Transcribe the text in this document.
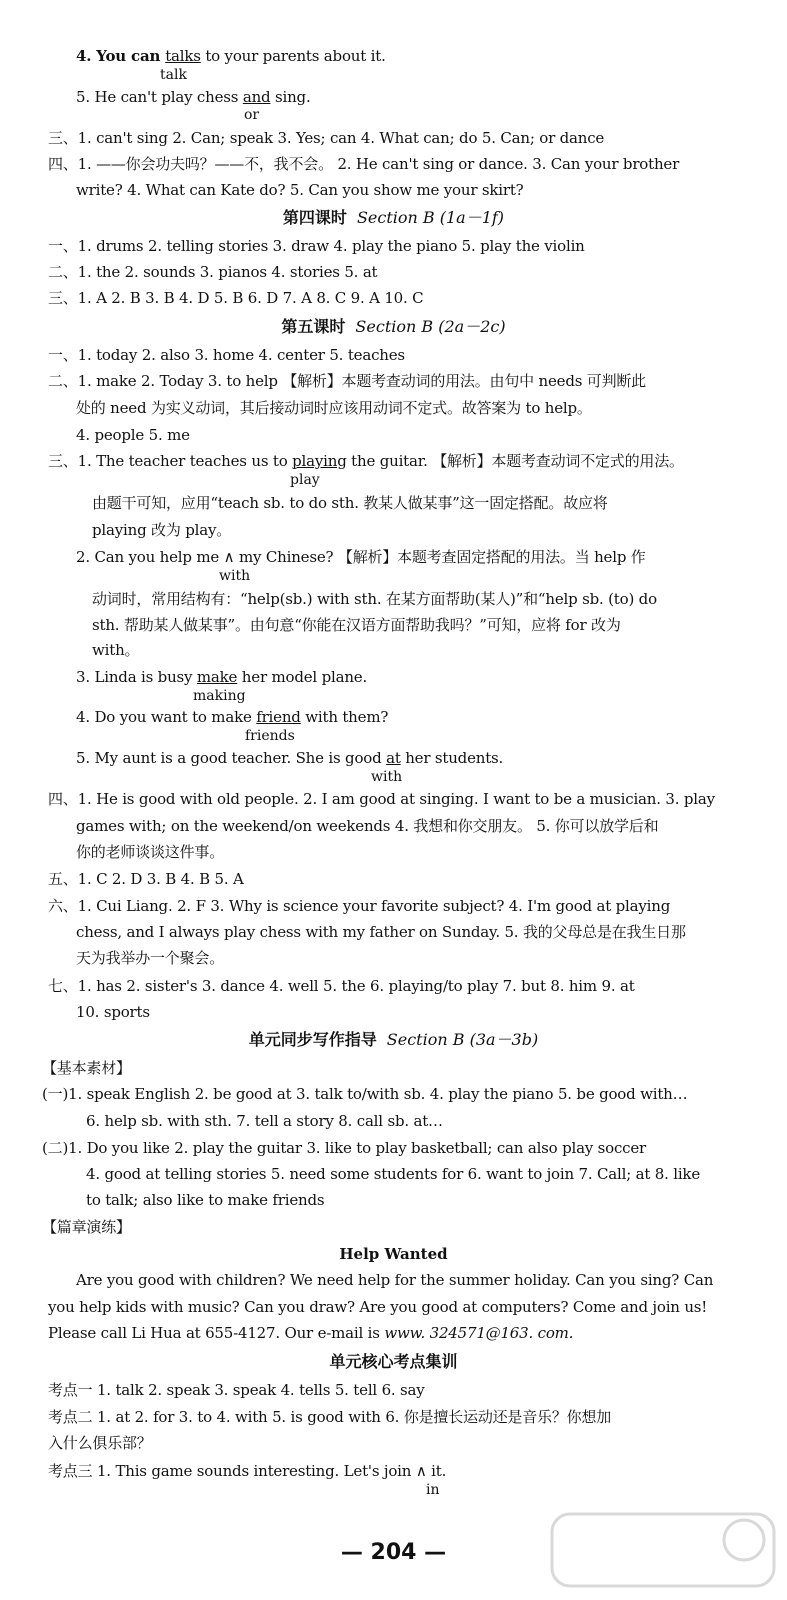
4. You can talks to your parents about it.
talk
5. He can't play chess and sing.
or
三、1. can't sing 2. Can; speak 3. Yes; can 4. What can; do 5. Can; or dance
四、1. ——你会功夫吗？——不，我不会。 2. He can't sing or dance. 3. Can your brother
write? 4. What can Kate do? 5. Can you show me your skirt?
第四课时 Section B (1a－1f)
一、1. drums 2. telling stories 3. draw 4. play the piano 5. play the violin
二、1. the 2. sounds 3. pianos 4. stories 5. at
三、1. A 2. B 3. B 4. D 5. B 6. D 7. A 8. C 9. A 10. C
第五课时 Section B (2a－2c)
一、1. today 2. also 3. home 4. center 5. teaches
二、1. make 2. Today 3. to help 【解析】本题考查动词的用法。由句中 needs 可判断此
处的 need 为实义动词，其后接动词时应该用动词不定式。故答案为 to help。
4. people 5. me
三、1. The teacher teaches us to playing the guitar. 【解析】本题考查动词不定式的用法。
play
由题干可知，应用“teach sb. to do sth. 教某人做某事”这一固定搭配。故应将
playing 改为 play。
2. Can you help me ∧ my Chinese? 【解析】本题考查固定搭配的用法。当 help 作
with
动词时，常用结构有：“help(sb.) with sth. 在某方面帮助(某人)”和“help sb. (to) do
sth. 帮助某人做某事”。由句意“你能在汉语方面帮助我吗？”可知，应将 for 改为
with。
3. Linda is busy make her model plane.
making
4. Do you want to make friend with them?
friends
5. My aunt is a good teacher. She is good at her students.
with
四、1. He is good with old people. 2. I am good at singing. I want to be a musician. 3. play
games with; on the weekend/on weekends 4. 我想和你交朋友。 5. 你可以放学后和
你的老师谈谈这件事。
五、1. C 2. D 3. B 4. B 5. A
六、1. Cui Liang. 2. F 3. Why is science your favorite subject? 4. I'm good at playing
chess, and I always play chess with my father on Sunday. 5. 我的父母总是在我生日那
天为我举办一个聚会。
七、1. has 2. sister's 3. dance 4. well 5. the 6. playing/to play 7. but 8. him 9. at
10. sports
单元同步写作指导 Section B (3a－3b)
【基本素材】
(一)1. speak English 2. be good at 3. talk to/with sb. 4. play the piano 5. be good with…
6. help sb. with sth. 7. tell a story 8. call sb. at…
(二)1. Do you like 2. play the guitar 3. like to play basketball; can also play soccer
4. good at telling stories 5. need some students for 6. want to join 7. Call; at 8. like
to talk; also like to make friends
【篇章演练】
Help Wanted
Are you good with children? We need help for the summer holiday. Can you sing? Can
you help kids with music? Can you draw? Are you good at computers? Come and join us!
Please call Li Hua at 655-4127. Our e-mail is www. 324571@163. com.
单元核心考点集训
考点一 1. talk 2. speak 3. speak 4. tells 5. tell 6. say
考点二 1. at 2. for 3. to 4. with 5. is good with 6. 你是擅长运动还是音乐？你想加
入什么俱乐部？
考点三 1. This game sounds interesting. Let's join ∧ it.
in
— 204 —
